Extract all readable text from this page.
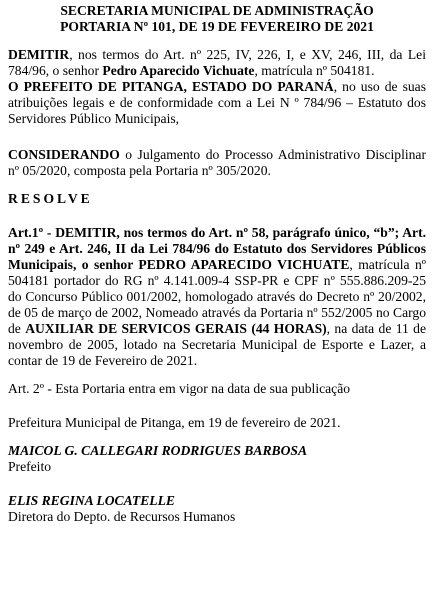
SECRETARIA MUNICIPAL DE ADMINISTRAÇÃO
PORTARIA Nº 101, DE 19 DE FEVEREIRO DE 2021

DEMITIR, nos termos do Art. nº 225, IV, 226, I, e XV, 246, III, da Lei 784/96, o senhor Pedro Aparecido Vichuate, matrícula nº 504181.

O PREFEITO DE PITANGA, ESTADO DO PARANÁ, no uso de suas atribuições legais e de conformidade com a Lei N º 784/96 – Estatuto dos Servidores Público Municipais,

CONSIDERANDO o Julgamento do Processo Administrativo Disciplinar nº 05/2020, composta pela Portaria nº 305/2020.

RESOLVE

Art.1º - DEMITIR, nos termos do Art. nº 58, parágrafo único, “b”; Art. nº 249 e Art. 246, II da Lei 784/96 do Estatuto dos Servidores Públicos Municipais, o senhor PEDRO APARECIDO VICHUATE, matrícula nº 504181 portador do RG nº 4.141.009-4 SSP-PR e CPF nº 555.886.209-25 do Concurso Público 001/2002, homologado através do Decreto nº 20/2002, de 05 de março de 2002, Nomeado através da Portaria nº 552/2005 no Cargo de AUXILIAR DE SERVICOS GERAIS (44 HORAS), na data de 11 de novembro de 2005, lotado na Secretaria Municipal de Esporte e Lazer, a contar de 19 de Fevereiro de 2021.

Art. 2º - Esta Portaria entra em vigor na data de sua publicação

Prefeitura Municipal de Pitanga, em 19 de fevereiro de 2021.

MAICOL G. CALLEGARI RODRIGUES BARBOSA

Prefeito

ELIS REGINA LOCATELLE

Diretora do Depto. de Recursos Humanos
